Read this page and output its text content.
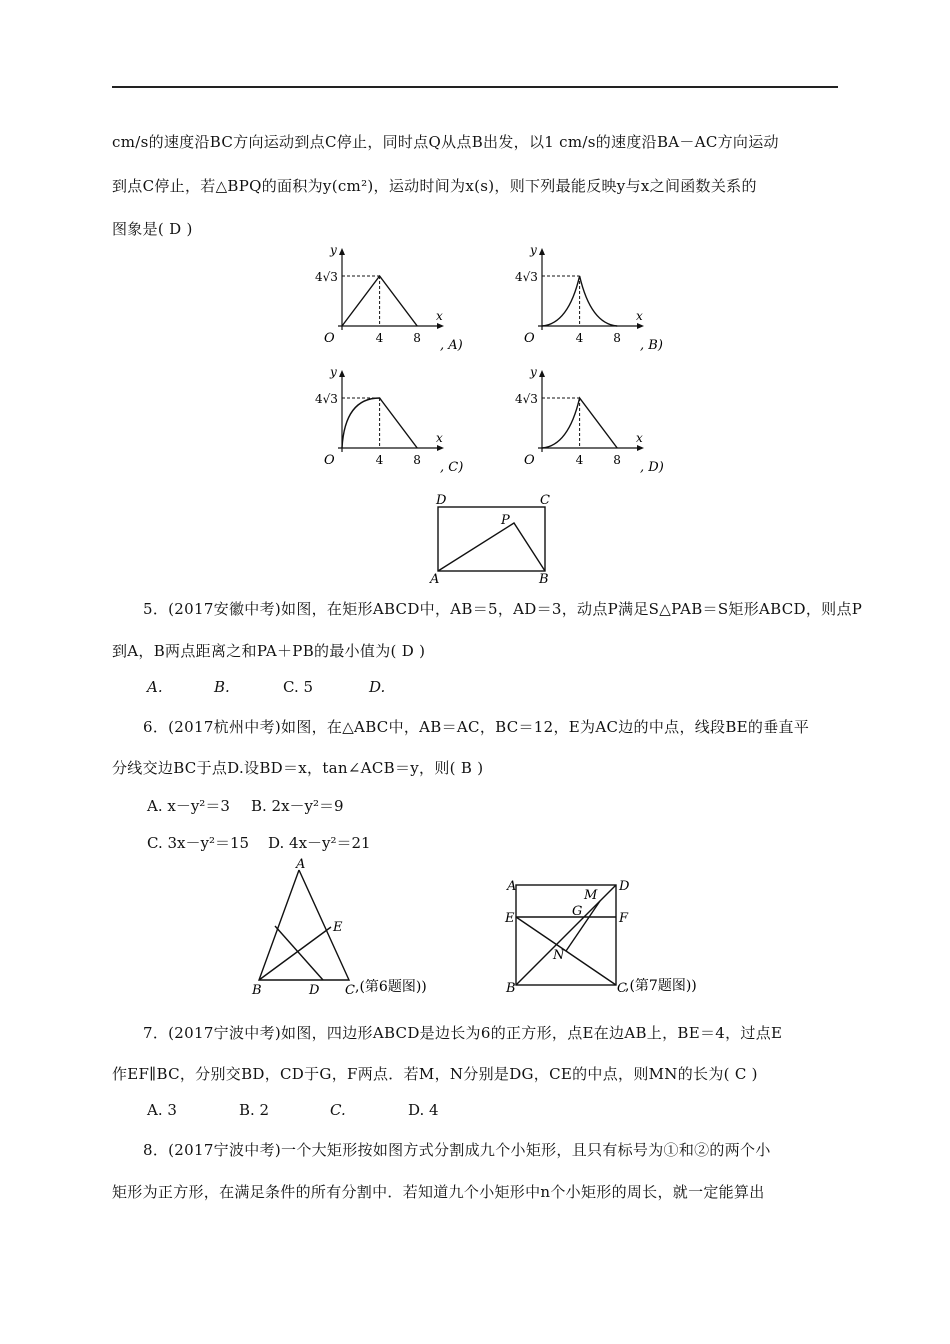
cm/s的速度沿BC方向运动到点C停止，同时点Q从点B出发，以1 cm/s的速度沿BA－AC方向运动
到点C停止，若△BPQ的面积为y(cm²)，运动时间为x(s)，则下列最能反映y与x之间函数关系的
图象是( D )
y
x
O
4√3
4 8 , A)
y
x
O
4√3
4 8 , B)
y
x
O
4√3
4 8 , C)
y
x
O
4√3
4 8 , D)
D	C
P
A	B
5．(2017安徽中考)如图，在矩形ABCD中，AB＝5，AD＝3，动点P满足S△PAB＝S矩形ABCD，则点P
到A，B两点距离之和PA＋PB的最小值为( D )
A.	B.	C. 5	D.
6．(2017杭州中考)如图，在△ABC中，AB＝AC，BC＝12，E为AC边的中点，线段BE的垂直平
分线交边BC于点D.设BD＝x，tan∠ACB＝y，则( B )
A. x－y²＝3 B. 2x－y²＝9
C. 3x－y²＝15 D. 4x－y²＝21
A
E
B	D C ,(第6题图))
A	D
M
G
E	F
N
B	C
,(第7题图))
7．(2017宁波中考)如图，四边形ABCD是边长为6的正方形，点E在边AB上，BE＝4，过点E
作EF∥BC，分别交BD，CD于G，F两点．若M，N分别是DG，CE的中点，则MN的长为( C )
A. 3	B. 2	C.	D. 4
8．(2017宁波中考)一个大矩形按如图方式分割成九个小矩形，且只有标号为①和②的两个小
矩形为正方形，在满足条件的所有分割中．若知道九个小矩形中n个小矩形的周长，就一定能算出
